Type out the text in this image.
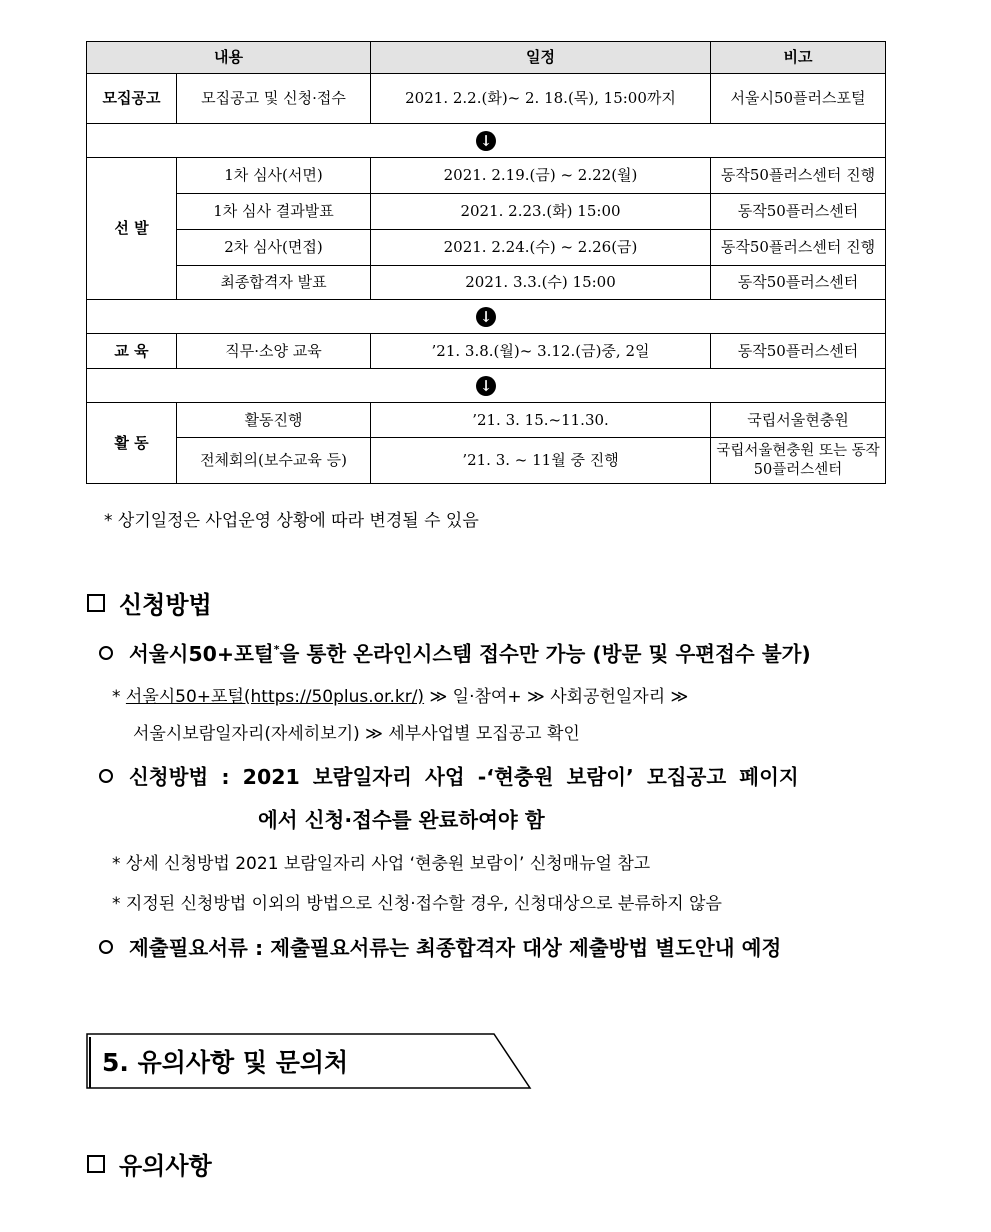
내용		일정	비고
모집공고	모집공고 및 신청·접수	2021. 2.2.(화)~ 2. 18.(목), 15:00까지	서울시50플러스포털
↓			
선 발	1차 심사(서면)	2021. 2.19.(금) ~ 2.22(월)	동작50플러스센터 진행
	1차 심사 결과발표	2021. 2.23.(화) 15:00	동작50플러스센터
	2차 심사(면접)	2021. 2.24.(수) ~ 2.26(금)	동작50플러스센터 진행
	최종합격자 발표	2021. 3.3.(수) 15:00	동작50플러스센터
↓			
교 육	직무·소양 교육	’21. 3.8.(월)~ 3.12.(금)중, 2일	동작50플러스센터
↓			
활 동	활동진행	’21. 3. 15.~11.30.	국립서울현충원
	전체회의(보수교육 등)	’21. 3. ~ 11월 중 진행	국립서울현충원 또는 동작50플러스센터
* 상기일정은 사업운영 상황에 따라 변경될 수 있음
신청방법
서울시50+포털*을 통한 온라인시스템 접수만 가능 (방문 및 우편접수 불가)
* 서울시50+포털(https://50plus.or.kr/) ≫ 일·참여+ ≫ 사회공헌일자리 ≫
서울시보람일자리(자세히보기) ≫ 세부사업별 모집공고 확인
신청방법 : 2021 보람일자리 사업 -‘현충원 보람이’ 모집공고 페이지
에서 신청·접수를 완료하여야 함
* 상세 신청방법 2021 보람일자리 사업 ‘현충원 보람이’ 신청매뉴얼 참고
* 지정된 신청방법 이외의 방법으로 신청·접수할 경우, 신청대상으로 분류하지 않음
제출필요서류 : 제출필요서류는 최종합격자 대상 제출방법 별도안내 예정
5. 유의사항 및 문의처
유의사항
